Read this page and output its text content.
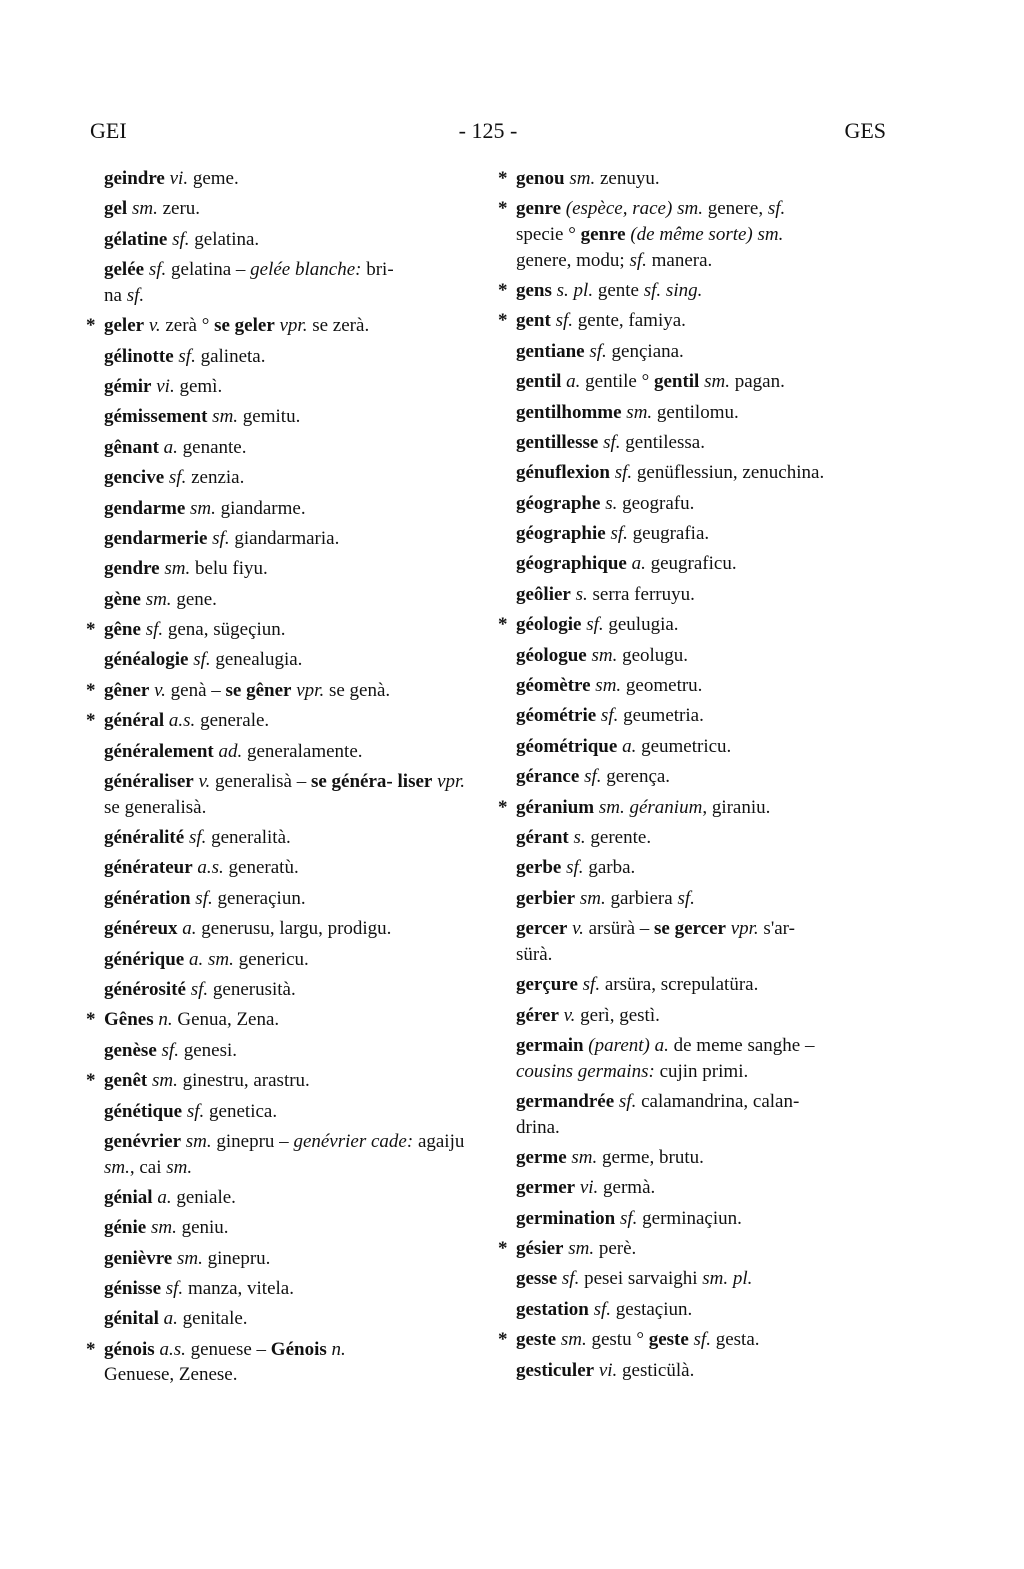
GEI	- 125 -	GES
geindre vi. geme.
gel sm. zeru.
gélatine sf. gelatina.
gelée sf. gelatina – gelée blanche: bri-
na sf.
* geler v. zerà ° se geler vpr. se zerà.
gélinotte sf. galineta.
gémir vi. gemì.
gémissement sm. gemitu.
gênant a. genante.
gencive sf. zenzia.
gendarme sm. giandarme.
gendarmerie sf. giandarmaria.
gendre sm. belu fiyu.
gène sm. gene.
* gêne sf. gena, sügeçiun.
généalogie sf. genealugia.
* gêner v. genà – se gêner vpr. se genà.
* général a.s. generale.
généralement ad. generalamente.
généraliser v. generalisà – se généra- liser vpr. se generalisà.
généralité sf. generalità.
générateur a.s. generatù.
génération sf. generaçiun.
généreux a. generusu, largu, prodigu.
générique a. sm. genericu.
générosité sf. generusità.
* Gênes n. Genua, Zena.
genèse sf. genesi.
* genêt sm. ginestru, arastru.
génétique sf. genetica.
genévrier sm. ginepru – genévrier cade: agaiju sm., cai sm.
génial a. geniale.
génie sm. geniu.
genièvre sm. ginepru.
génisse sf. manza, vitela.
génital a. genitale.
* génois a.s. genuese – Génois n.
Genuese, Zenese.
* genou sm. zenuyu.
* genre (espèce, race) sm. genere, sf.
specie ° genre (de même sorte) sm.
genere, modu; sf. manera.
* gens s. pl. gente sf. sing.
* gent sf. gente, famiya.
gentiane sf. gençiana.
gentil a. gentile ° gentil sm. pagan.
gentilhomme sm. gentilomu.
gentillesse sf. gentilessa.
génuflexion sf. genüflessiun, zenuchina.
géographe s. geografu.
géographie sf. geugrafia.
géographique a. geugraficu.
geôlier s. serra ferruyu.
* géologie sf. geulugia.
géologue sm. geolugu.
géomètre sm. geometru.
géométrie sf. geumetria.
géométrique a. geumetricu.
gérance sf. gerença.
* géranium sm. géranium, giraniu.
gérant s. gerente.
gerbe sf. garba.
gerbier sm. garbiera sf.
gercer v. arsürà – se gercer vpr. s'ar-
sürà.
gerçure sf. arsüra, screpulatüra.
gérer v. gerì, gestì.
germain (parent) a. de meme sanghe –
cousins germains: cujin primi.
germandrée sf. calamandrina, calan-
drina.
germe sm. germe, brutu.
germer vi. germà.
germination sf. germinaçiun.
* gésier sm. perè.
gesse sf. pesei sarvaighi sm. pl.
gestation sf. gestaçiun.
* geste sm. gestu ° geste sf. gesta.
gesticuler vi. gesticülà.
